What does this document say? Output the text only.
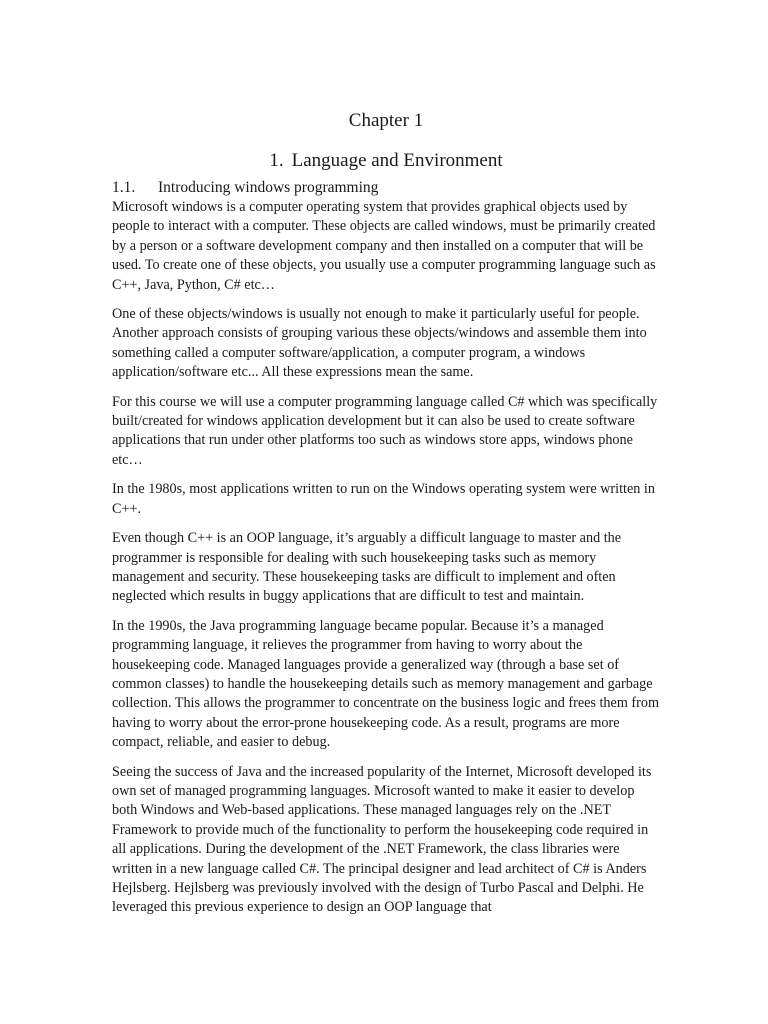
Chapter 1
1. Language and Environment
1.1. Introducing windows programming

Microsoft windows is a computer operating system that provides graphical objects used by people to interact with a computer. These objects are called windows, must be primarily created by a person or a software development company and then installed on a computer that will be used. To create one of these objects, you usually use a computer programming language such as C++, Java, Python, C# etc…

One of these objects/windows is usually not enough to make it particularly useful for people. Another approach consists of grouping various these objects/windows and assemble them into something called a computer software/application, a computer program, a windows application/software etc... All these expressions mean the same.

For this course we will use a computer programming language called C# which was specifically built/created for windows application development but it can also be used to create software applications that run under other platforms too such as windows store apps, windows phone etc…

In the 1980s, most applications written to run on the Windows operating system were written in C++.

Even though C++ is an OOP language, it’s arguably a difficult language to master and the programmer is responsible for dealing with such housekeeping tasks such as memory management and security. These housekeeping tasks are difficult to implement and often neglected which results in buggy applications that are difficult to test and maintain.

In the 1990s, the Java programming language became popular. Because it’s a managed programming language, it relieves the programmer from having to worry about the housekeeping code. Managed languages provide a generalized way (through a base set of common classes) to handle the housekeeping details such as memory management and garbage collection. This allows the programmer to concentrate on the business logic and frees them from having to worry about the error-prone housekeeping code. As a result, programs are more compact, reliable, and easier to debug.

Seeing the success of Java and the increased popularity of the Internet, Microsoft developed its own set of managed programming languages. Microsoft wanted to make it easier to develop both Windows and Web-based applications. These managed languages rely on the .NET Framework to provide much of the functionality to perform the housekeeping code required in all applications. During the development of the .NET Framework, the class libraries were written in a new language called C#. The principal designer and lead architect of C# is Anders Hejlsberg. Hejlsberg was previously involved with the design of Turbo Pascal and Delphi. He leveraged this previous experience to design an OOP language that
